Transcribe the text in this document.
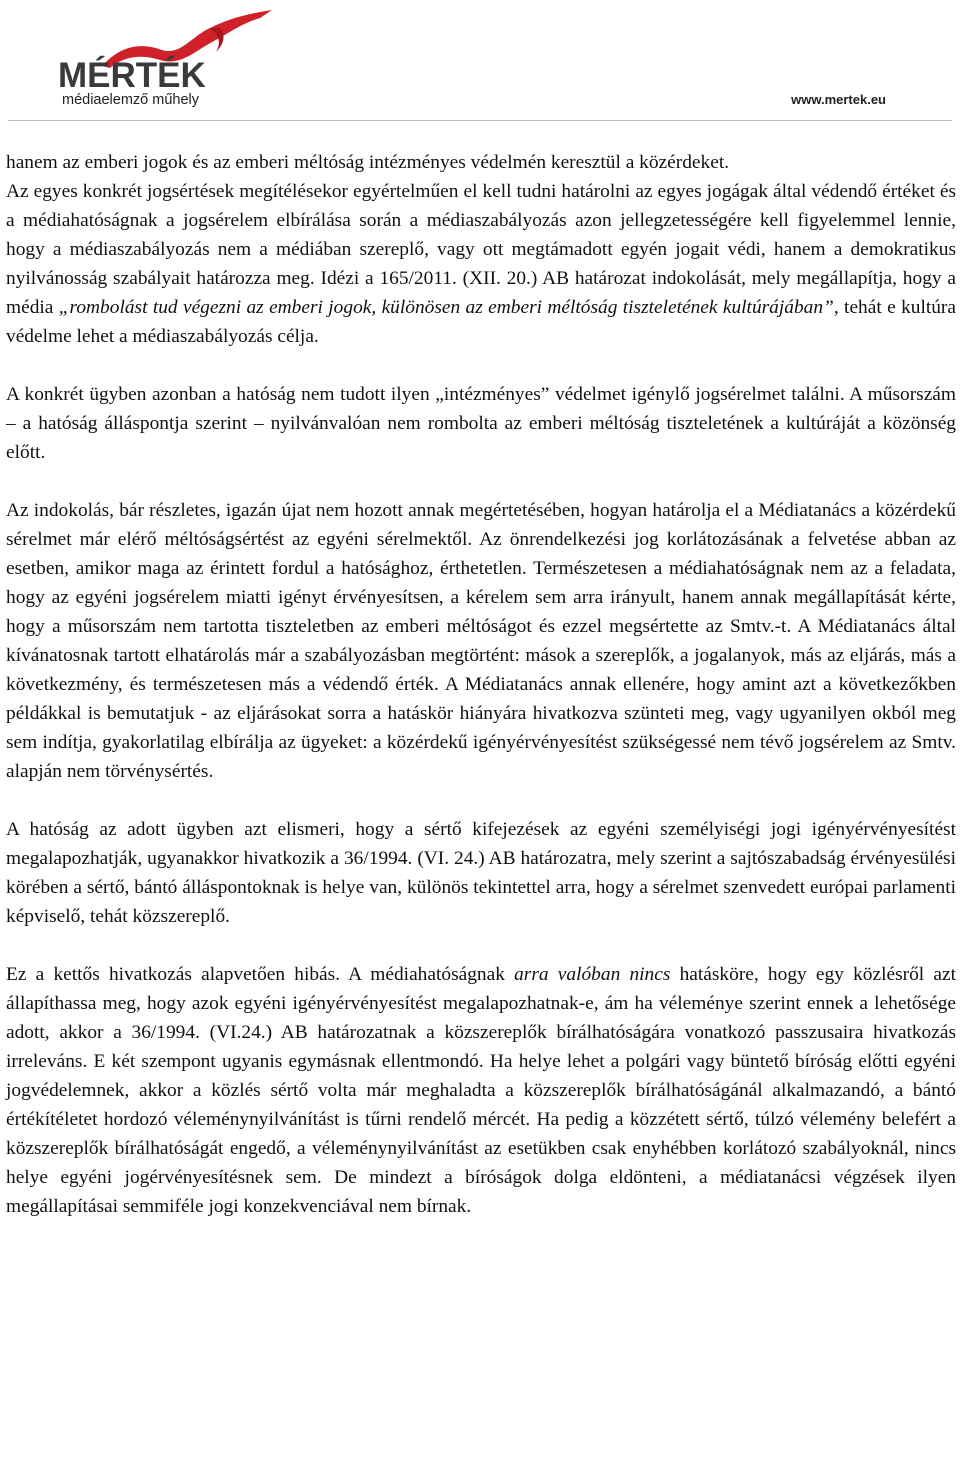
MÉRTÉK
médiaelemző műhely	www.mertek.eu

hanem az emberi jogok és az emberi méltóság intézményes védelmén keresztül a közérdeket.
Az egyes konkrét jogsértések megítélésekor egyértelműen el kell tudni határolni az egyes jogágak által védendő értéket és a médiahatóságnak a jogsérelem elbírálása során a médiaszabályozás azon jellegzetességére kell figyelemmel lennie, hogy a médiaszabályozás nem a médiában szereplő, vagy ott megtámadott egyén jogait védi, hanem a demokratikus nyilvánosság szabályait határozza meg. Idézi a 165/2011. (XII. 20.) AB határozat indokolását, mely megállapítja, hogy a média „rombolást tud végezni az emberi jogok, különösen az emberi méltóság tiszteletének kultúrájában”, tehát e kultúra védelme lehet a médiaszabályozás célja.

A konkrét ügyben azonban a hatóság nem tudott ilyen „intézményes” védelmet igénylő jogsérelmet találni. A műsorszám – a hatóság álláspontja szerint – nyilvánvalóan nem rombolta az emberi méltóság tiszteletének a kultúráját a közönség előtt.

Az indokolás, bár részletes, igazán újat nem hozott annak megértetésében, hogyan határolja el a Médiatanács a közérdekű sérelmet már elérő méltóságsértést az egyéni sérelmektől. Az önrendelkezési jog korlátozásának a felvetése abban az esetben, amikor maga az érintett fordul a hatósághoz, érthetetlen. Természetesen a médiahatóságnak nem az a feladata, hogy az egyéni jogsérelem miatti igényt érvényesítsen, a kérelem sem arra irányult, hanem annak megállapítását kérte, hogy a műsorszám nem tartotta tiszteletben az emberi méltóságot és ezzel megsértette az Smtv.-t. A Médiatanács által kívánatosnak tartott elhatárolás már a szabályozásban megtörtént: mások a szereplők, a jogalanyok, más az eljárás, más a következmény, és természetesen más a védendő érték. A Médiatanács annak ellenére, hogy amint azt a következőkben példákkal is bemutatjuk - az eljárásokat sorra a hatáskör hiányára hivatkozva szünteti meg, vagy ugyanilyen okból meg sem indítja, gyakorlatilag elbírálja az ügyeket: a közérdekű igényérvényesítést szükségessé nem tévő jogsérelem az Smtv. alapján nem törvénysértés.

A hatóság az adott ügyben azt elismeri, hogy a sértő kifejezések az egyéni személyiségi jogi igényérvényesítést megalapozhatják, ugyanakkor hivatkozik a 36/1994. (VI. 24.) AB határozatra, mely szerint a sajtószabadság érvényesülési körében a sértő, bántó álláspontoknak is helye van, különös tekintettel arra, hogy a sérelmet szenvedett európai parlamenti képviselő, tehát közszereplő.

Ez a kettős hivatkozás alapvetően hibás. A médiahatóságnak arra valóban nincs hatásköre, hogy egy közlésről azt állapíthassa meg, hogy azok egyéni igényérvényesítést megalapozhatnak-e, ám ha véleménye szerint ennek a lehetősége adott, akkor a 36/1994. (VI.24.) AB határozatnak a közszereplők bírálhatóságára vonatkozó passzusaira hivatkozás irreleváns. E két szempont ugyanis egymásnak ellentmondó. Ha helye lehet a polgári vagy büntető bíróság előtti egyéni jogvédelemnek, akkor a közlés sértő volta már meghaladta a közszereplők bírálhatóságánál alkalmazandó, a bántó értékítéletet hordozó véleménynyilvánítást is tűrni rendelő mércét. Ha pedig a közzétett sértő, túlzó vélemény belefért a közszereplők bírálhatóságát engedő, a véleménynyilvánítást az esetükben csak enyhébben korlátozó szabályoknál, nincs helye egyéni jogérvényesítésnek sem. De mindezt a bíróságok dolga eldönteni, a médiatanácsi végzések ilyen megállapításai semmiféle jogi konzekvenciával nem bírnak.
